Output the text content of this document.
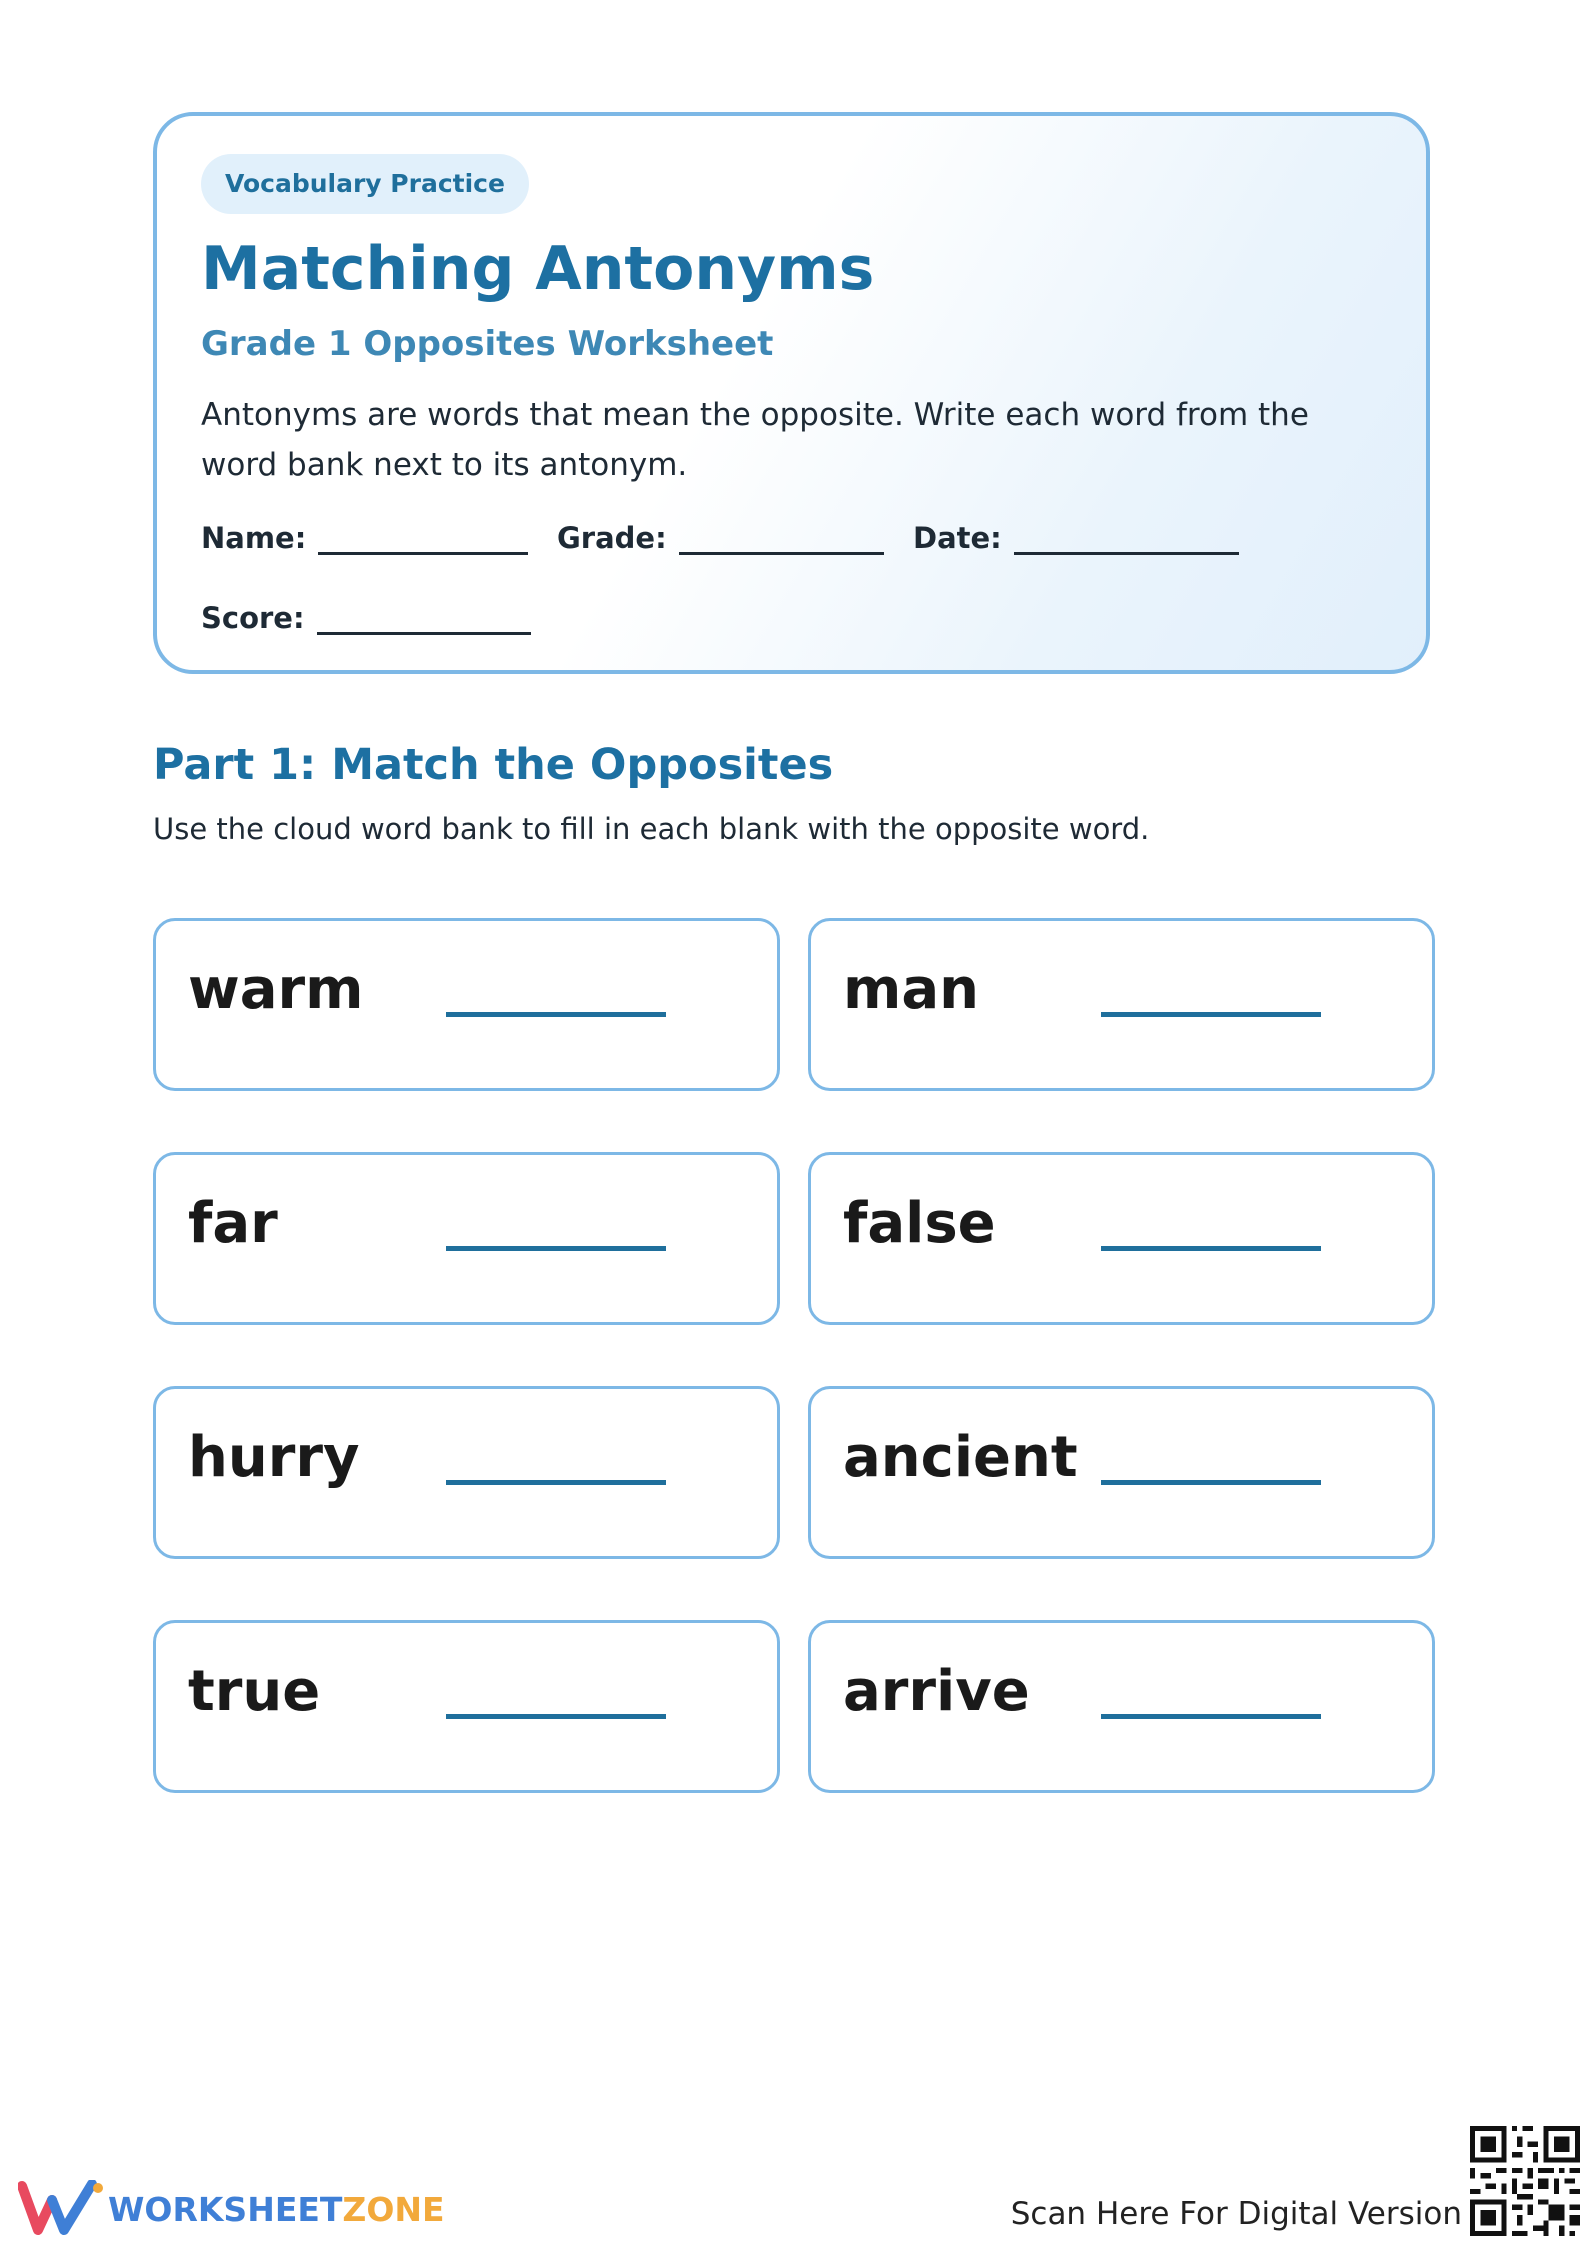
Vocabulary Practice
Matching Antonyms
Grade 1 Opposites Worksheet
Antonyms are words that mean the opposite. Write each word from the word bank next to its antonym.
Name:	Grade:	Date:
Score:
Part 1: Match the Opposites
Use the cloud word bank to fill in each blank with the opposite word.
warm	man
far	false
hurry	ancient
true	arrive
WORKSHEETZONE	Scan Here For Digital Version
